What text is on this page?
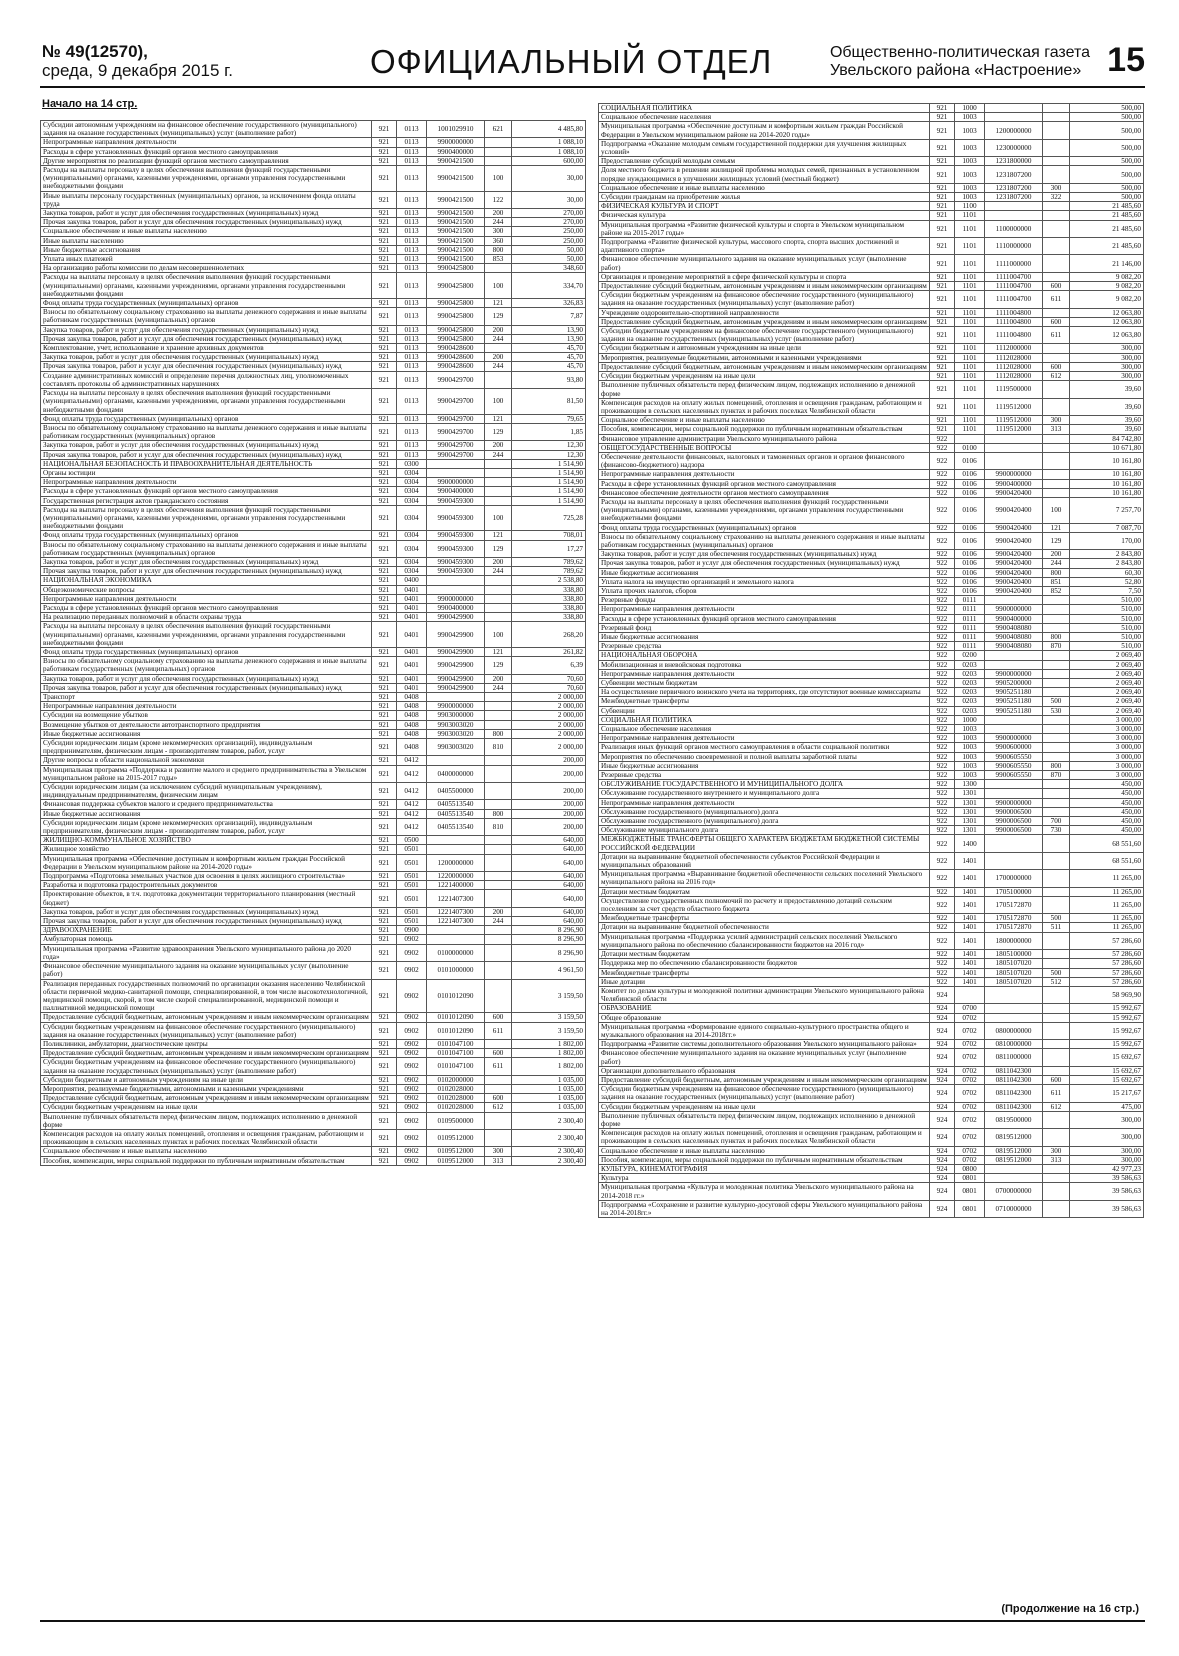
№ 49(12570),
среда, 9 декабря 2015 г.	ОФИЦИАЛЬНЫЙ ОТДЕЛ	Общественно-политическая газета
Увельского района «Настроение» 15
Начало на 14 стр.
Субсидии автономным учреждениям на финансовое обеспечение государственного (муниципального) задания на оказание государственных (муниципальных) услуг (выполнение работ)	921	0113	1001029910	621	4 485,80
Непрограммные направления деятельности	921	0113	9900000000		1 088,10
Расходы в сфере установленных функций органов местного самоуправления	921	0113	9900400000		1 088,10
Другие мероприятия по реализации функций органов местного самоуправления	921	0113	9900421500		600,00
Расходы на выплаты персоналу в целях обеспечения выполнения функций государственными (муниципальными) органами, казенными учреждениями, органами управления государственными внебюджетными фондами	921	0113	9900421500	100	30,00
Иные выплаты персоналу государственных (муниципальных) органов, за исключением фонда оплаты труда	921	0113	9900421500	122	30,00
Закупка товаров, работ и услуг для обеспечения государственных (муниципальных) нужд	921	0113	9900421500	200	270,00
Прочая закупка товаров, работ и услуг для обеспечения государственных (муниципальных) нужд	921	0113	9900421500	244	270,00
Социальное обеспечение и иные выплаты населению	921	0113	9900421500	300	250,00
Иные выплаты населению	921	0113	9900421500	360	250,00
Иные бюджетные ассигнования	921	0113	9900421500	800	50,00
Уплата иных платежей	921	0113	9900421500	853	50,00
На организацию работы комиссии по делам несовершеннолетних	921	0113	9900425800		348,60
Расходы на выплаты персоналу в целях обеспечения выполнения функций государственными (муниципальными) органами, казенными учреждениями, органами управления государственными внебюджетными фондами	921	0113	9900425800	100	334,70
Фонд оплаты труда государственных (муниципальных) органов	921	0113	9900425800	121	326,83
Взносы по обязательному социальному страхованию на выплаты денежного содержания и иные выплаты работникам государственных (муниципальных) органов	921	0113	9900425800	129	7,87
Закупка товаров, работ и услуг для обеспечения государственных (муниципальных) нужд	921	0113	9900425800	200	13,90
Прочая закупка товаров, работ и услуг для обеспечения государственных (муниципальных) нужд	921	0113	9900425800	244	13,90
Комплектование, учет, использование и хранение архивных документов	921	0113	9900428600		45,70
Закупка товаров, работ и услуг для обеспечения государственных (муниципальных) нужд	921	0113	9900428600	200	45,70
Прочая закупка товаров, работ и услуг для обеспечения государственных (муниципальных) нужд	921	0113	9900428600	244	45,70
Создание административных комиссий и определение перечня должностных лиц, уполномоченных составлять протоколы об административных нарушениях	921	0113	9900429700		93,80
Расходы на выплаты персоналу в целях обеспечения выполнения функций государственными (муниципальными) органами, казенными учреждениями, органами управления государственными внебюджетными фондами	921	0113	9900429700	100	81,50
Фонд оплаты труда государственных (муниципальных) органов	921	0113	9900429700	121	79,65
Взносы по обязательному социальному страхованию на выплаты денежного содержания и иные выплаты работникам государственных (муниципальных) органов	921	0113	9900429700	129	1,85
Закупка товаров, работ и услуг для обеспечения государственных (муниципальных) нужд	921	0113	9900429700	200	12,30
Прочая закупка товаров, работ и услуг для обеспечения государственных (муниципальных) нужд	921	0113	9900429700	244	12,30
НАЦИОНАЛЬНАЯ БЕЗОПАСНОСТЬ И ПРАВООХРАНИТЕЛЬНАЯ ДЕЯТЕЛЬНОСТЬ	921	0300			1 514,90
Органы юстиции	921	0304			1 514,90
Непрограммные направления деятельности	921	0304	9900000000		1 514,90
Расходы в сфере установленных функций органов местного самоуправления	921	0304	9900400000		1 514,90
Государственная регистрация актов гражданского состояния	921	0304	9900459300		1 514,90
Расходы на выплаты персоналу в целях обеспечения выполнения функций государственными (муниципальными) органами, казенными учреждениями, органами управления государственными внебюджетными фондами	921	0304	9900459300	100	725,28
Фонд оплаты труда государственных (муниципальных) органов	921	0304	9900459300	121	708,01
Взносы по обязательному социальному страхованию на выплаты денежного содержания и иные выплаты работникам государственных (муниципальных) органов	921	0304	9900459300	129	17,27
Закупка товаров, работ и услуг для обеспечения государственных (муниципальных) нужд	921	0304	9900459300	200	789,62
Прочая закупка товаров, работ и услуг для обеспечения государственных (муниципальных) нужд	921	0304	9900459300	244	789,62
НАЦИОНАЛЬНАЯ ЭКОНОМИКА	921	0400			2 538,80
Общеэкономические вопросы	921	0401			338,80
Непрограммные направления деятельности	921	0401	9900000000		338,80
Расходы в сфере установленных функций органов местного самоуправления	921	0401	9900400000		338,80
На реализацию переданных полномочий в области охраны труда	921	0401	9900429900		338,80
Расходы на выплаты персоналу в целях обеспечения выполнения функций государственными (муниципальными) органами, казенными учреждениями, органами управления государственными внебюджетными фондами	921	0401	9900429900	100	268,20
Фонд оплаты труда государственных (муниципальных) органов	921	0401	9900429900	121	261,82
Взносы по обязательному социальному страхованию на выплаты денежного содержания и иные выплаты работникам государственных (муниципальных) органов	921	0401	9900429900	129	6,39
Закупка товаров, работ и услуг для обеспечения государственных (муниципальных) нужд	921	0401	9900429900	200	70,60
Прочая закупка товаров, работ и услуг для обеспечения государственных (муниципальных) нужд	921	0401	9900429900	244	70,60
Транспорт	921	0408			2 000,00
Непрограммные направления деятельности	921	0408	9900000000		2 000,00
Субсидии на возмещение убытков	921	0408	9903000000		2 000,00
Возмещение убытков от деятельности автотранспортного предприятия	921	0408	9903003020		2 000,00
Иные бюджетные ассигнования	921	0408	9903003020	800	2 000,00
Субсидии юридическим лицам (кроме некоммерческих организаций), индивидуальным предпринимателям, физическим лицам - производителям товаров, работ, услуг	921	0408	9903003020	810	2 000,00
Другие вопросы в области национальной экономики	921	0412			200,00
Муниципальная программа «Поддержка и развитие малого и среднего предпринимательства в Увельском муниципальном районе на 2015-2017 годы»	921	0412	0400000000		200,00
Субсидии юридическим лицам (за исключением субсидий муниципальным учреждениям), индивидуальным предпринимателям, физическим лицам	921	0412	0405500000		200,00
Финансовая поддержка субъектов малого и среднего предпринимательства	921	0412	0405513540		200,00
Иные бюджетные ассигнования	921	0412	0405513540	800	200,00
Субсидии юридическим лицам (кроме некоммерческих организаций), индивидуальным предпринимателям, физическим лицам - производителям товаров, работ, услуг	921	0412	0405513540	810	200,00
ЖИЛИЩНО-КОММУНАЛЬНОЕ ХОЗЯЙСТВО	921	0500			640,00
Жилищное хозяйство	921	0501			640,00
Муниципальная программа «Обеспечение доступным и комфортным жильем граждан Российской Федерации в Увельском муниципальном районе на 2014-2020 годы»	921	0501	1200000000		640,00
Подпрограмма «Подготовка земельных участков для освоения в целях жилищного строительства»	921	0501	1220000000		640,00
Разработка и подготовка градостроительных документов	921	0501	1221400000		640,00
Проектирование объектов, в т.ч. подготовка документации территориального планирования (местный бюджет)	921	0501	1221407300		640,00
Закупка товаров, работ и услуг для обеспечения государственных (муниципальных) нужд	921	0501	1221407300	200	640,00
Прочая закупка товаров, работ и услуг для обеспечения государственных (муниципальных) нужд	921	0501	1221407300	244	640,00
ЗДРАВООХРАНЕНИЕ	921	0900			8 296,90
Амбулаторная помощь	921	0902			8 296,90
Муниципальная программа «Развитие здравоохранения Увельского муниципального района до 2020 года»	921	0902	0100000000		8 296,90
Финансовое обеспечение муниципального задания на оказание муниципальных услуг (выполнение работ)	921	0902	0101000000		4 961,50
Реализация переданных государственных полномочий по организации оказания населению Челябинской области первичной медико-санитарной помощи, специализированной, в том числе высокотехнологичной, медицинской помощи, скорой, в том числе скорой специализированной, медицинской помощи и паллиативной медицинской помощи	921	0902	0101012090		3 159,50
Предоставление субсидий бюджетным, автономным учреждениям и иным некоммерческим организациям	921	0902	0101012090	600	3 159,50
Субсидии бюджетным учреждениям на финансовое обеспечение государственного (муниципального) задания на оказание государственных (муниципальных) услуг (выполнение работ)	921	0902	0101012090	611	3 159,50
Поликлиники, амбулатории, диагностические центры	921	0902	0101047100		1 802,00
Предоставление субсидий бюджетным, автономным учреждениям и иным некоммерческим организациям	921	0902	0101047100	600	1 802,00
Субсидии бюджетным учреждениям на финансовое обеспечение государственного (муниципального) задания на оказание государственных (муниципальных) услуг (выполнение работ)	921	0902	0101047100	611	1 802,00
Субсидии бюджетным и автономным учреждениям на иные цели	921	0902	0102000000		1 035,00
Мероприятия, реализуемые бюджетными, автономными и казенными учреждениями	921	0902	0102028000		1 035,00
Предоставление субсидий бюджетным, автономным учреждениям и иным некоммерческим организациям	921	0902	0102028000	600	1 035,00
Субсидии бюджетным учреждениям на иные цели	921	0902	0102028000	612	1 035,00
Выполнение публичных обязательств перед физическим лицом, подлежащих исполнению в денежной форме	921	0902	0109500000		2 300,40
Компенсация расходов на оплату жилых помещений, отопления и освещения гражданам, работающим и проживающим в сельских населенных пунктах и рабочих поселках Челябинской области	921	0902	0109512000		2 300,40
Социальное обеспечение и иные выплаты населению	921	0902	0109512000	300	2 300,40
Пособия, компенсации, меры социальной поддержки по публичным нормативным обязательствам	921	0902	0109512000	313	2 300,40
СОЦИАЛЬНАЯ ПОЛИТИКА	921	1000			500,00
Социальное обеспечение населения	921	1003			500,00
Муниципальная программа «Обеспечение доступным и комфортным жильем граждан Российской Федерации в Увельском муниципальном районе на 2014-2020 годы»	921	1003	1200000000		500,00
Подпрограмма «Оказание молодым семьям государственной поддержки для улучшения жилищных условий»	921	1003	1230000000		500,00
Предоставление субсидий молодым семьям	921	1003	1231800000		500,00
Доля местного бюджета в решении жилищной проблемы молодых семей, признанных в установленном порядке нуждающимися в улучшении жилищных условий (местный бюджет)	921	1003	1231807200		500,00
Социальное обеспечение и иные выплаты населению	921	1003	1231807200	300	500,00
Субсидии гражданам на приобретение жилья	921	1003	1231807200	322	500,00
ФИЗИЧЕСКАЯ КУЛЬТУРА И СПОРТ	921	1100			21 485,60
Физическая культура	921	1101			21 485,60
Муниципальная программа «Развитие физической культуры и спорта в Увельском муниципальном районе на 2015-2017 годы»	921	1101	1100000000		21 485,60
Подпрограмма «Развитие физической культуры, массового спорта, спорта высших достижений и адаптивного спорта»	921	1101	1110000000		21 485,60
Финансовое обеспечение муниципального задания на оказание муниципальных услуг (выполнение работ)	921	1101	1111000000		21 146,00
Организация и проведение мероприятий в сфере физической культуры и спорта	921	1101	1111004700		9 082,20
Предоставление субсидий бюджетным, автономным учреждениям и иным некоммерческим организациям	921	1101	1111004700	600	9 082,20
Субсидии бюджетным учреждениям на финансовое обеспечение государственного (муниципального) задания на оказание государственных (муниципальных) услуг (выполнение работ)	921	1101	1111004700	611	9 082,20
Учреждение оздоровительно-спортивной направленности	921	1101	1111004800		12 063,80
Предоставление субсидий бюджетным, автономным учреждениям и иным некоммерческим организациям	921	1101	1111004800	600	12 063,80
Субсидии бюджетным учреждениям на финансовое обеспечение государственного (муниципального) задания на оказание государственных (муниципальных) услуг (выполнение работ)	921	1101	1111004800	611	12 063,80
Субсидии бюджетным и автономным учреждениям на иные цели	921	1101	1112000000		300,00
Мероприятия, реализуемые бюджетными, автономными и казенными учреждениями	921	1101	1112028000		300,00
Предоставление субсидий бюджетным, автономным учреждениям и иным некоммерческим организациям	921	1101	1112028000	600	300,00
Субсидии бюджетным учреждениям на иные цели	921	1101	1112028000	612	300,00
Выполнение публичных обязательств перед физическим лицом, подлежащих исполнению в денежной форме	921	1101	1119500000		39,60
Компенсация расходов на оплату жилых помещений, отопления и освещения гражданам, работающим и проживающим в сельских населенных пунктах и рабочих поселках Челябинской области	921	1101	1119512000		39,60
Социальное обеспечение и иные выплаты населению	921	1101	1119512000	300	39,60
Пособия, компенсации, меры социальной поддержки по публичным нормативным обязательствам	921	1101	1119512000	313	39,60
Финансовое управление администрации Увельского муниципального района	922				84 742,80
ОБЩЕГОСУДАРСТВЕННЫЕ ВОПРОСЫ	922	0100			10 671,80
Обеспечение деятельности финансовых, налоговых и таможенных органов и органов финансового (финансово-бюджетного) надзора	922	0106			10 161,80
Непрограммные направления деятельности	922	0106	9900000000		10 161,80
Расходы в сфере установленных функций органов местного самоуправления	922	0106	9900400000		10 161,80
Финансовое обеспечение деятельности органов местного самоуправления	922	0106	9900420400		10 161,80
Расходы на выплаты персоналу в целях обеспечения выполнения функций государственными (муниципальными) органами, казенными учреждениями, органами управления государственными внебюджетными фондами	922	0106	9900420400	100	7 257,70
Фонд оплаты труда государственных (муниципальных) органов	922	0106	9900420400	121	7 087,70
Взносы по обязательному социальному страхованию на выплаты денежного содержания и иные выплаты работникам государственных (муниципальных) органов	922	0106	9900420400	129	170,00
Закупка товаров, работ и услуг для обеспечения государственных (муниципальных) нужд	922	0106	9900420400	200	2 843,80
Прочая закупка товаров, работ и услуг для обеспечения государственных (муниципальных) нужд	922	0106	9900420400	244	2 843,80
Иные бюджетные ассигнования	922	0106	9900420400	800	60,30
Уплата налога на имущество организаций и земельного налога	922	0106	9900420400	851	52,80
Уплата прочих налогов, сборов	922	0106	9900420400	852	7,50
Резервные фонды	922	0111			510,00
Непрограммные направления деятельности	922	0111	9900000000		510,00
Расходы в сфере установленных функций органов местного самоуправления	922	0111	9900400000		510,00
Резервный фонд	922	0111	9900408080		510,00
Иные бюджетные ассигнования	922	0111	9900408080	800	510,00
Резервные средства	922	0111	9900408080	870	510,00
НАЦИОНАЛЬНАЯ ОБОРОНА	922	0200			2 069,40
Мобилизационная и вневойсковая подготовка	922	0203			2 069,40
Непрограммные направления деятельности	922	0203	9900000000		2 069,40
Субвенции местным бюджетам	922	0203	9905200000		2 069,40
На осуществление первичного воинского учета на территориях, где отсутствуют военные комиссариаты	922	0203	9905251180		2 069,40
Межбюджетные трансферты	922	0203	9905251180	500	2 069,40
Субвенции	922	0203	9905251180	530	2 069,40
СОЦИАЛЬНАЯ ПОЛИТИКА	922	1000			3 000,00
Социальное обеспечение населения	922	1003			3 000,00
Непрограммные направления деятельности	922	1003	9900000000		3 000,00
Реализация иных функций органов местного самоуправления в области социальной политики	922	1003	9900600000		3 000,00
Мероприятия по обеспечению своевременной и полной выплаты заработной платы	922	1003	9900605550		3 000,00
Иные бюджетные ассигнования	922	1003	9900605550	800	3 000,00
Резервные средства	922	1003	9900605550	870	3 000,00
ОБСЛУЖИВАНИЕ ГОСУДАРСТВЕННОГО И МУНИЦИПАЛЬНОГО ДОЛГА	922	1300			450,00
Обслуживание государственного внутреннего и муниципального долга	922	1301			450,00
Непрограммные направления деятельности	922	1301	9900000000		450,00
Обслуживание государственного (муниципального) долга	922	1301	9900006500		450,00
Обслуживание государственного (муниципального) долга	922	1301	9900006500	700	450,00
Обслуживание муниципального долга	922	1301	9900006500	730	450,00
МЕЖБЮДЖЕТНЫЕ ТРАНСФЕРТЫ ОБЩЕГО ХАРАКТЕРА БЮДЖЕТАМ БЮДЖЕТНОЙ СИСТЕМЫ РОССИЙСКОЙ ФЕДЕРАЦИИ	922	1400			68 551,60
Дотации на выравнивание бюджетной обеспеченности субъектов Российской Федерации и муниципальных образований	922	1401			68 551,60
Муниципальная программа «Выравнивание бюджетной обеспеченности сельских поселений Увельского муниципального района на 2016 год»	922	1401	1700000000		11 265,00
Дотации местным бюджетам	922	1401	1705100000		11 265,00
Осуществление государственных полномочий по расчету и предоставлению дотаций сельским поселениям за счет средств областного бюджета	922	1401	1705172870		11 265,00
Межбюджетные трансферты	922	1401	1705172870	500	11 265,00
Дотации на выравнивание бюджетной обеспеченности	922	1401	1705172870	511	11 265,00
Муниципальная программа «Поддержка усилий администраций сельских поселений Увельского муниципального района по обеспечению сбалансированности бюджетов на 2016 год»	922	1401	1800000000		57 286,60
Дотации местным бюджетам	922	1401	1805100000		57 286,60
Поддержка мер по обеспечению сбалансированности бюджетов	922	1401	1805107020		57 286,60
Межбюджетные трансферты	922	1401	1805107020	500	57 286,60
Иные дотации	922	1401	1805107020	512	57 286,60
Комитет по делам культуры и молодежной политики администрации Увельского муниципального района Челябинской области	924				58 969,90
ОБРАЗОВАНИЕ	924	0700			15 992,67
Общее образование	924	0702			15 992,67
Муниципальная программа «Формирование единого социально-культурного пространства общего и музыкального образования на 2014-2018гг.»	924	0702	0800000000		15 992,67
Подпрограмма «Развитие системы дополнительного образования Увельского муниципального района»	924	0702	0810000000		15 992,67
Финансовое обеспечение муниципального задания на оказание муниципальных услуг (выполнение работ)	924	0702	0811000000		15 692,67
Организации дополнительного образования	924	0702	0811042300		15 692,67
Предоставление субсидий бюджетным, автономным учреждениям и иным некоммерческим организациям	924	0702	0811042300	600	15 692,67
Субсидии бюджетным учреждениям на финансовое обеспечение государственного (муниципального) задания на оказание государственных (муниципальных) услуг (выполнение работ)	924	0702	0811042300	611	15 217,67
Субсидии бюджетным учреждениям на иные цели	924	0702	0811042300	612	475,00
Выполнение публичных обязательств перед физическим лицом, подлежащих исполнению в денежной форме	924	0702	0819500000		300,00
Компенсация расходов на оплату жилых помещений, отопления и освещения гражданам, работающим и проживающим в сельских населенных пунктах и рабочих поселках Челябинской области	924	0702	0819512000		300,00
Социальное обеспечение и иные выплаты населению	924	0702	0819512000	300	300,00
Пособия, компенсации, меры социальной поддержки по публичным нормативным обязательствам	924	0702	0819512000	313	300,00
КУЛЬТУРА, КИНЕМАТОГРАФИЯ	924	0800			42 977,23
Культура	924	0801			39 586,63
Муниципальная программа «Культура и молодежная политика Увельского муниципального района на 2014-2018 гг.»	924	0801	0700000000		39 586,63
Подпрограмма «Сохранение и развитие культурно-досуговой сферы Увельского муниципального района на 2014-2018гг.»	924	0801	0710000000		39 586,63
(Продолжение на 16 стр.)
